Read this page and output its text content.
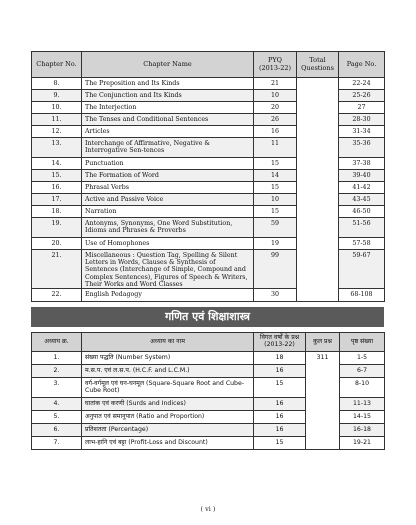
Chapter No.	Chapter Name	PYQ (2013-22)	Total Questions	Page No.
8.	The Preposition and Its Kinds	21		22-24
9.	The Conjunction and Its Kinds	10		25-26
10.	The Interjection	20		27
11.	The Tenses and Conditional Sentences	26		28-30
12.	Articles	16		31-34
13.	Interchange of Affirmative, Negative & Interrogative Sen-tences	11		35-36
14.	Punctuation	15		37-38
15.	The Formation of Word	14		39-40
16.	Phrasal Verbs	15		41-42
17.	Active and Passive Voice	10		43-45
18.	Narration	15		46-50
19.	Antonyms, Synonyms, One Word Substitution, Idioms and Phrases & Proverbs	59		51-56
20.	Use of Homophones	19		57-58
21.	Miscellaneous : Question Tag, Spelling & Silent Letters in Words, Clauses & Synthesis of Sentences (Interchange of Simple, Compound and Complex Sentences), Figures of Speech & Writers, Their Works and Word Classes	99		59-67
22.	English Pedagogy	30		68-108
गणित एवं शिक्षाशास्त्र
अध्याय क्र.	अध्याय का नाम	विगत वर्षों के प्रश्न (2013-22)	कुल प्रश्न	पृष्ठ संख्या
1.	संख्या पद्धति (Number System)	18	311	1-5
2.	म.स.प. एवं ल.स.प. (H.C.F. and L.C.M.)	16		6-7
3.	वर्ग-वर्गमूल एवं घन-घनमूल (Square-Square Root and Cube-Cube Root)	15		8-10
4.	घातांक एवं करणी (Surds and Indices)	16		11-13
5.	अनुपात एवं समानुपात (Ratio and Proportion)	16		14-15
6.	प्रतिशतता (Percentage)	16		16-18
7.	लाभ-हानि एवं बट्टा (Profit-Loss and Discount)	15		19-21
( vi )
